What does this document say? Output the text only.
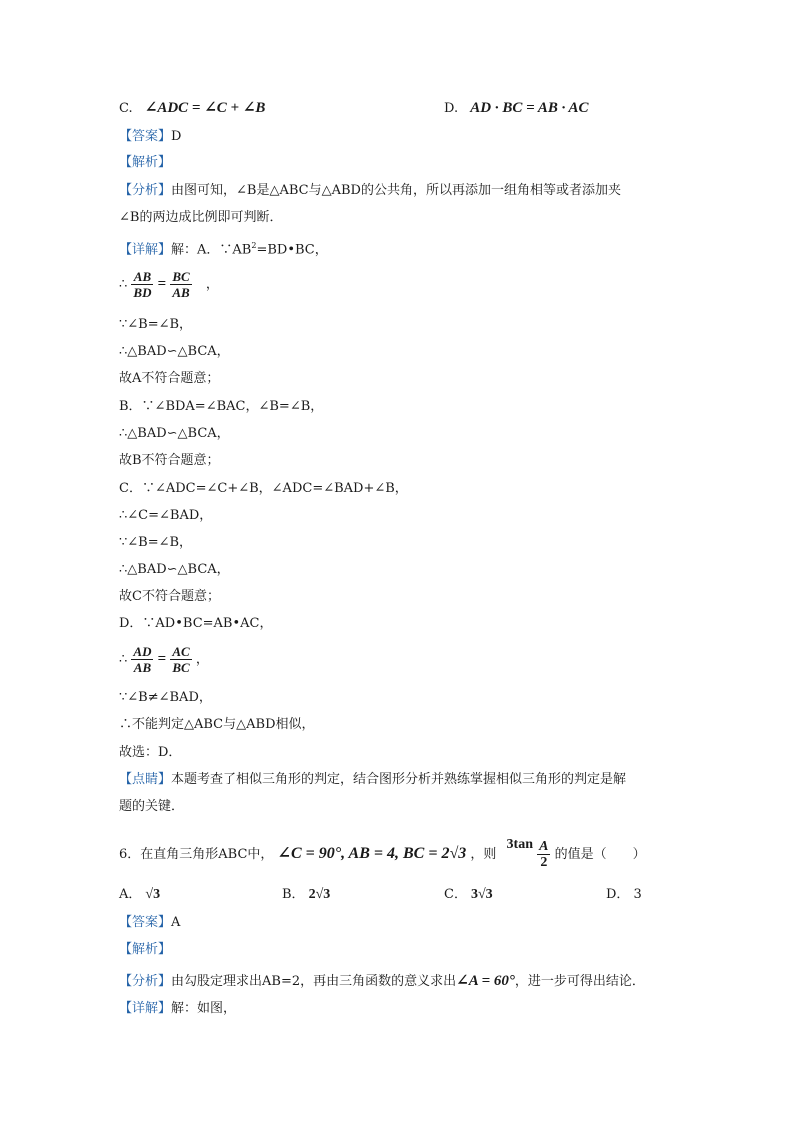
C. ∠ADC = ∠C + ∠B	D. AD · BC = AB · AC
【答案】D
【解析】
【分析】由图可知，∠B是△ABC与△ABD的公共角，所以再添加一组角相等或者添加夹
∠B的两边成比例即可判断．
【详解】解：A．$\because AB^2=BD•BC$，
∴ $\frac{AB}{BD} = \frac{BC}{AB}$ ，
∵∠B=∠B，
∴△BAD∽△BCA，
故A不符合题意；
B．∵∠BDA=∠BAC，∠B=∠B，
∴△BAD∽△BCA，
故B不符合题意；
C．∵∠ADC=∠C+∠B，∠ADC=∠BAD+∠B，
∴∠C=∠BAD，
∵∠B=∠B，
∴△BAD∽△BCA，
故C不符合题意；
D．∵AD•BC=AB•AC，
∴ $\frac{AD}{AB} = \frac{AC}{BC}$ ，
∵∠B≠∠BAD，
∴不能判定△ABC与△ABD相似，
故选：D．
【点睛】本题考查了相似三角形的判定，结合图形分析并熟练掌握相似三角形的判定是解
题的关键．
6．在直角三角形ABC中， ∠C = 90°, AB = 4, BC = 2√3 ，则 $3\tan \frac{A}{2}$ 的值是（　　）
A． √3	B． 2√3	C． 3√3	D． 3
【答案】A
【解析】
【分析】由勾股定理求出AB=2，再由三角函数的意义求出∠A = 60°，进一步可得出结论．
【详解】解：如图，
